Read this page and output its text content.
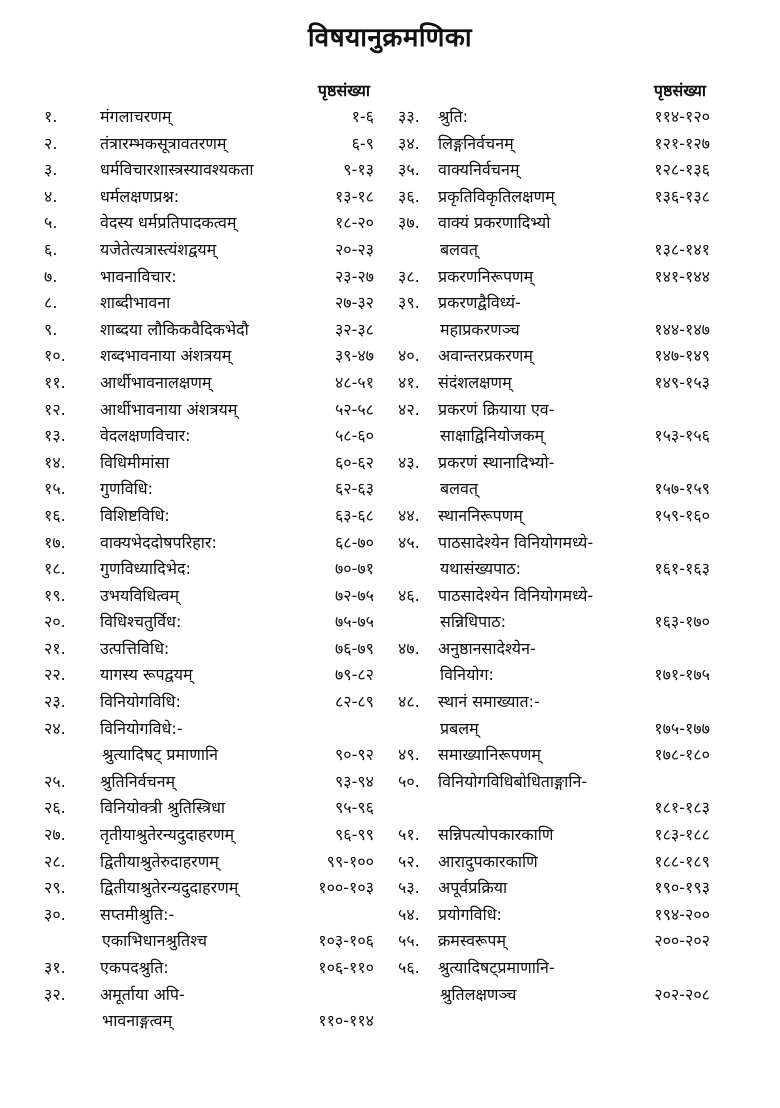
विषयानुक्रमणिका
पृष्ठसंख्या
१.	मंगलाचरणम्	१-६
२.	तंत्रारम्भकसूत्रावतरणम्	६-९
३.	धर्मविचारशास्त्रस्यावश्यकता	९-१३
४.	धर्मलक्षणप्रश्न:	१३-१८
५.	वेदस्य धर्मप्रतिपादकत्वम्	१८-२०
६.	यजेतेत्यत्रास्त्यंशद्वयम्	२०-२३
७.	भावनाविचार:	२३-२७
८.	शाब्दीभावना	२७-३२
९.	शाब्दया लौकिकवैदिकभेदौ	३२-३८
१०.	शब्दभावनाया अंशत्रयम्	३९-४७
११.	आर्थीभावनालक्षणम्	४८-५१
१२.	आर्थीभावनाया अंशत्रयम्	५२-५८
१३.	वेदलक्षणविचार:	५८-६०
१४.	विधिमीमांसा	६०-६२
१५.	गुणविधि:	६२-६३
१६.	विशिष्टविधि:	६३-६८
१७.	वाक्यभेददोषपरिहार:	६८-७०
१८.	गुणविध्यादिभेद:	७०-७१
१९.	उभयविधित्वम्	७२-७५
२०.	विधिश्चतुर्विध:	७५-७५
२१.	उत्पत्तिविधि:	७६-७९
२२.	यागस्य रूपद्वयम्	७९-८२
२३.	विनियोगविधि:	८२-८९
२४.	विनियोगविधे:-
श्रुत्यादिषट् प्रमाणानि	९०-९२
२५.	श्रुतिनिर्वचनम्	९३-९४
२६.	विनियोक्त्री श्रुतिस्त्रिधा	९५-९६
२७.	तृतीयाश्रुतेरन्यदुदाहरणम्	९६-९९
२८.	द्वितीयाश्रुतेरुदाहरणम्	९९-१००
२९.	द्वितीयाश्रुतेरन्यदुदाहरणम्	१००-१०३
३०.	सप्तमीश्रुति:-
एकाभिधानश्रुतिश्च	१०३-१०६
३१.	एकपदश्रुति:	१०६-११०
३२.	अमूर्ताया अपि-
भावनाङ्गत्वम्	११०-११४
पृष्ठसंख्या
३३.	श्रुति:	११४-१२०
३४.	लिङ्गनिर्वचनम्	१२१-१२७
३५.	वाक्यनिर्वचनम्	१२८-१३६
३६.	प्रकृतिविकृतिलक्षणम्	१३६-१३८
३७.	वाक्यं प्रकरणादिभ्यो
बलवत्	१३८-१४१
३८.	प्रकरणनिरूपणम्	१४१-१४४
३९.	प्रकरणद्वैविध्यं-
महाप्रकरणञ्च	१४४-१४७
४०.	अवान्तरप्रकरणम्	१४७-१४९
४१.	संदंशलक्षणम्	१४९-१५३
४२.	प्रकरणं क्रियाया एव-
साक्षाद्विनियोजकम्	१५३-१५६
४३.	प्रकरणं स्थानादिभ्यो-
बलवत्	१५७-१५९
४४.	स्थाननिरूपणम्	१५९-१६०
४५.	पाठसादेश्येन विनियोगमध्ये-
यथासंख्यपाठ:	१६१-१६३
४६.	पाठसादेश्येन विनियोगमध्ये-
सन्निधिपाठ:	१६३-१७०
४७.	अनुष्ठानसादेश्येन-
विनियोग:	१७१-१७५
४८.	स्थानं समाख्यात:-
प्रबलम्	१७५-१७७
४९.	समाख्यानिरूपणम्	१७८-१८०
५०.	विनियोगविधिबोधिताङ्गानि-
१८१-१८३
५१.	सन्निपत्योपकारकाणि	१८३-१८८
५२.	आरादुपकारकाणि	१८८-१८९
५३.	अपूर्वप्रक्रिया	१९०-१९३
५४.	प्रयोगविधि:	१९४-२००
५५.	क्रमस्वरूपम्	२००-२०२
५६.	श्रुत्यादिषट्प्रमाणानि-
श्रुतिलक्षणञ्च	२०२-२०८
